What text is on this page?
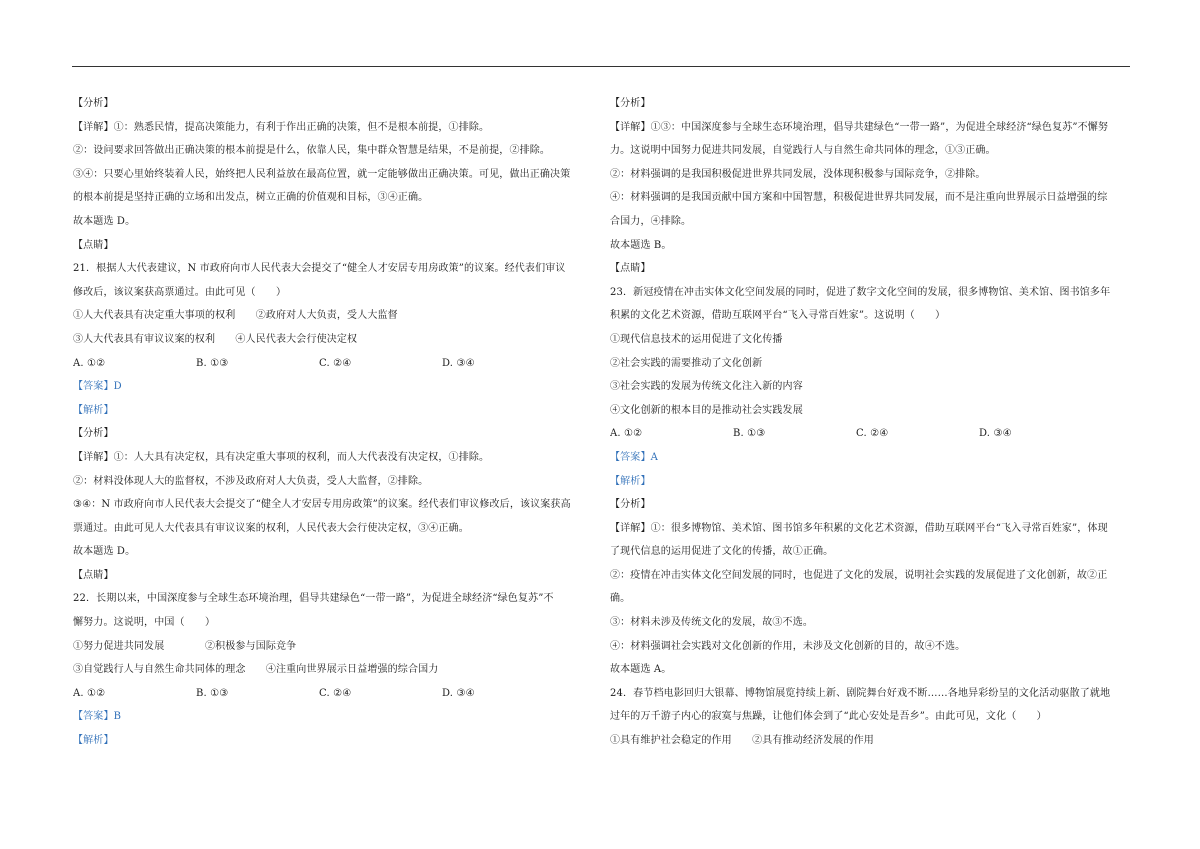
【分析】
【详解】①：熟悉民情，提高决策能力，有利于作出正确的决策，但不是根本前提，①排除。
②：设问要求回答做出正确决策的根本前提是什么，依靠人民，集中群众智慧是结果，不是前提，②排除。
③④：只要心里始终装着人民，始终把人民利益放在最高位置，就一定能够做出正确决策。可见，做出正确决策
的根本前提是坚持正确的立场和出发点，树立正确的价值观和目标，③④正确。
故本题选 D。
【点睛】
21．根据人大代表建议，N 市政府向市人民代表大会提交了“健全人才安居专用房政策”的议案。经代表们审议
修改后，该议案获高票通过。由此可见（　　）
①人大代表具有决定重大事项的权利　　②政府对人大负责，受人大监督
③人大代表具有审议议案的权利　　④人民代表大会行使决定权
A. ①②	B. ①③	C. ②④	D. ③④
【答案】D
【解析】
【分析】
【详解】①：人大具有决定权，具有决定重大事项的权利，而人大代表没有决定权，①排除。
②：材料没体现人大的监督权，不涉及政府对人大负责，受人大监督，②排除。
③④：N 市政府向市人民代表大会提交了“健全人才安居专用房政策”的议案。经代表们审议修改后，该议案获高
票通过。由此可见人大代表具有审议议案的权利，人民代表大会行使决定权，③④正确。
故本题选 D。
【点睛】
22．长期以来，中国深度参与全球生态环境治理，倡导共建绿色“一带一路”，为促进全球经济“绿色复苏”不
懈努力。这说明，中国（　　）
①努力促进共同发展　　　　②积极参与国际竞争
③自觉践行人与自然生命共同体的理念　　④注重向世界展示日益增强的综合国力
A. ①②	B. ①③	C. ②④	D. ③④
【答案】B
【解析】
【分析】
【详解】①③：中国深度参与全球生态环境治理，倡导共建绿色“一带一路”，为促进全球经济“绿色复苏”不懈努
力。这说明中国努力促进共同发展，自觉践行人与自然生命共同体的理念，①③正确。
②：材料强调的是我国积极促进世界共同发展，没体现积极参与国际竞争，②排除。
④：材料强调的是我国贡献中国方案和中国智慧，积极促进世界共同发展，而不是注重向世界展示日益增强的综
合国力，④排除。
故本题选 B。
【点睛】
23．新冠疫情在冲击实体文化空间发展的同时，促进了数字文化空间的发展，很多博物馆、美术馆、图书馆多年
积累的文化艺术资源，借助互联网平台“飞入寻常百姓家”。这说明（　　）
①现代信息技术的运用促进了文化传播
②社会实践的需要推动了文化创新
③社会实践的发展为传统文化注入新的内容
④文化创新的根本目的是推动社会实践发展
A. ①②	B. ①③	C. ②④	D. ③④
【答案】A
【解析】
【分析】
【详解】①：很多博物馆、美术馆、图书馆多年积累的文化艺术资源，借助互联网平台“飞入寻常百姓家”，体现
了现代信息的运用促进了文化的传播，故①正确。
②：疫情在冲击实体文化空间发展的同时，也促进了文化的发展，说明社会实践的发展促进了文化创新，故②正
确。
③：材料未涉及传统文化的发展，故③不选。
④：材料强调社会实践对文化创新的作用，未涉及文化创新的目的，故④不选。
故本题选 A。
24．春节档电影回归大银幕、博物馆展览持续上新、剧院舞台好戏不断……各地异彩纷呈的文化活动驱散了就地
过年的万千游子内心的寂寞与焦躁，让他们体会到了“此心安处是吾乡”。由此可见，文化（　　）
①具有维护社会稳定的作用　　②具有推动经济发展的作用
